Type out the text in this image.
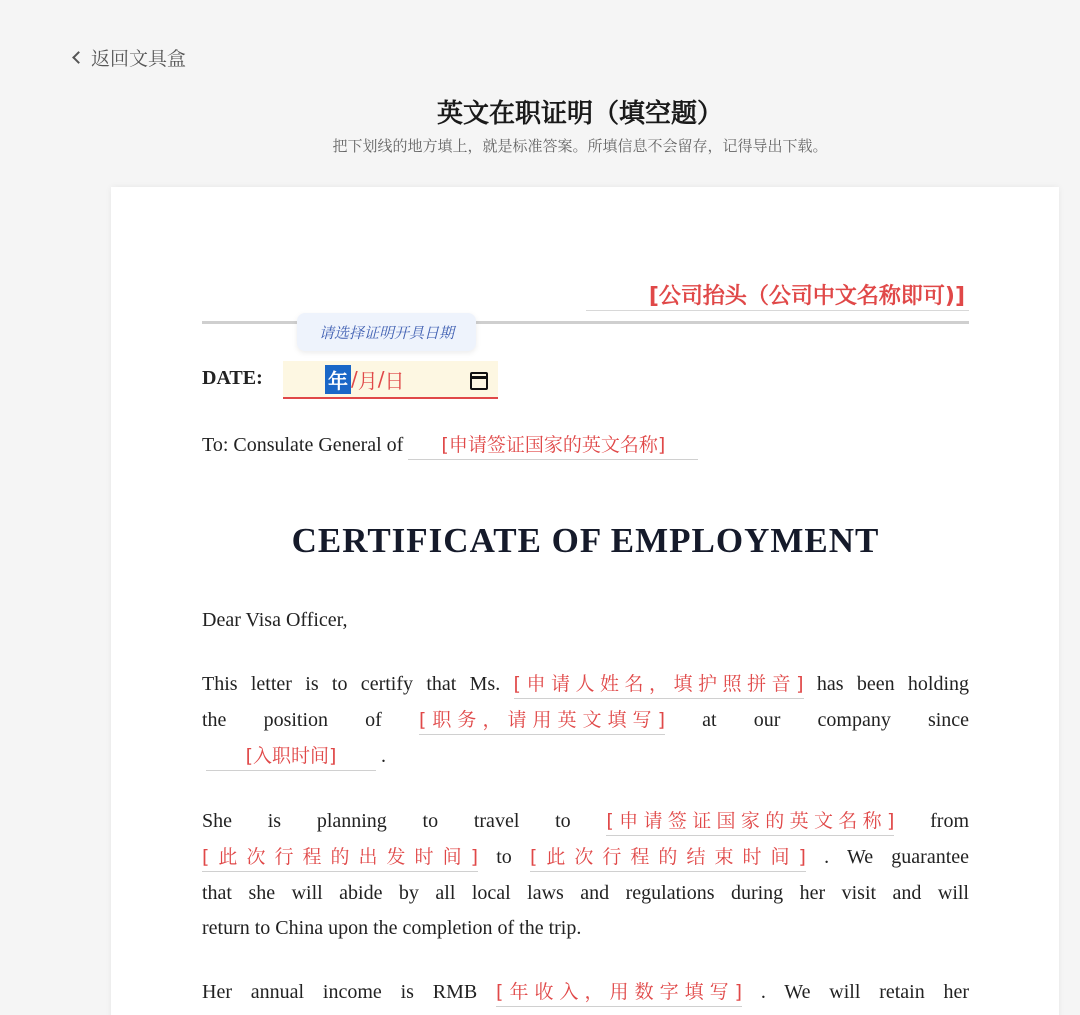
返回文具盒
英文在职证明（填空题）
把下划线的地方填上，就是标准答案。所填信息不会留存，记得导出下载。
[公司抬头（公司中文名称即可)]
DATE:	年 / 月 / 日
请选择证明开具日期
To: Consulate General of [申请签证国家的英文名称]
CERTIFICATE OF EMPLOYMENT
Dear Visa Officer,
This letter is to certify that Ms. [申请人姓名，填护照拼音] has been holding
the position of [职务，请用英文填写] at our company since
[入职时间] .
She is planning to travel to [申请签证国家的英文名称] from
[此次行程的出发时间] to [此次行程的结束时间] . We guarantee
that she will abide by all local laws and regulations during her visit and will
return to China upon the completion of the trip.
Her annual income is RMB [年收入，用数字填写] . We will retain her
